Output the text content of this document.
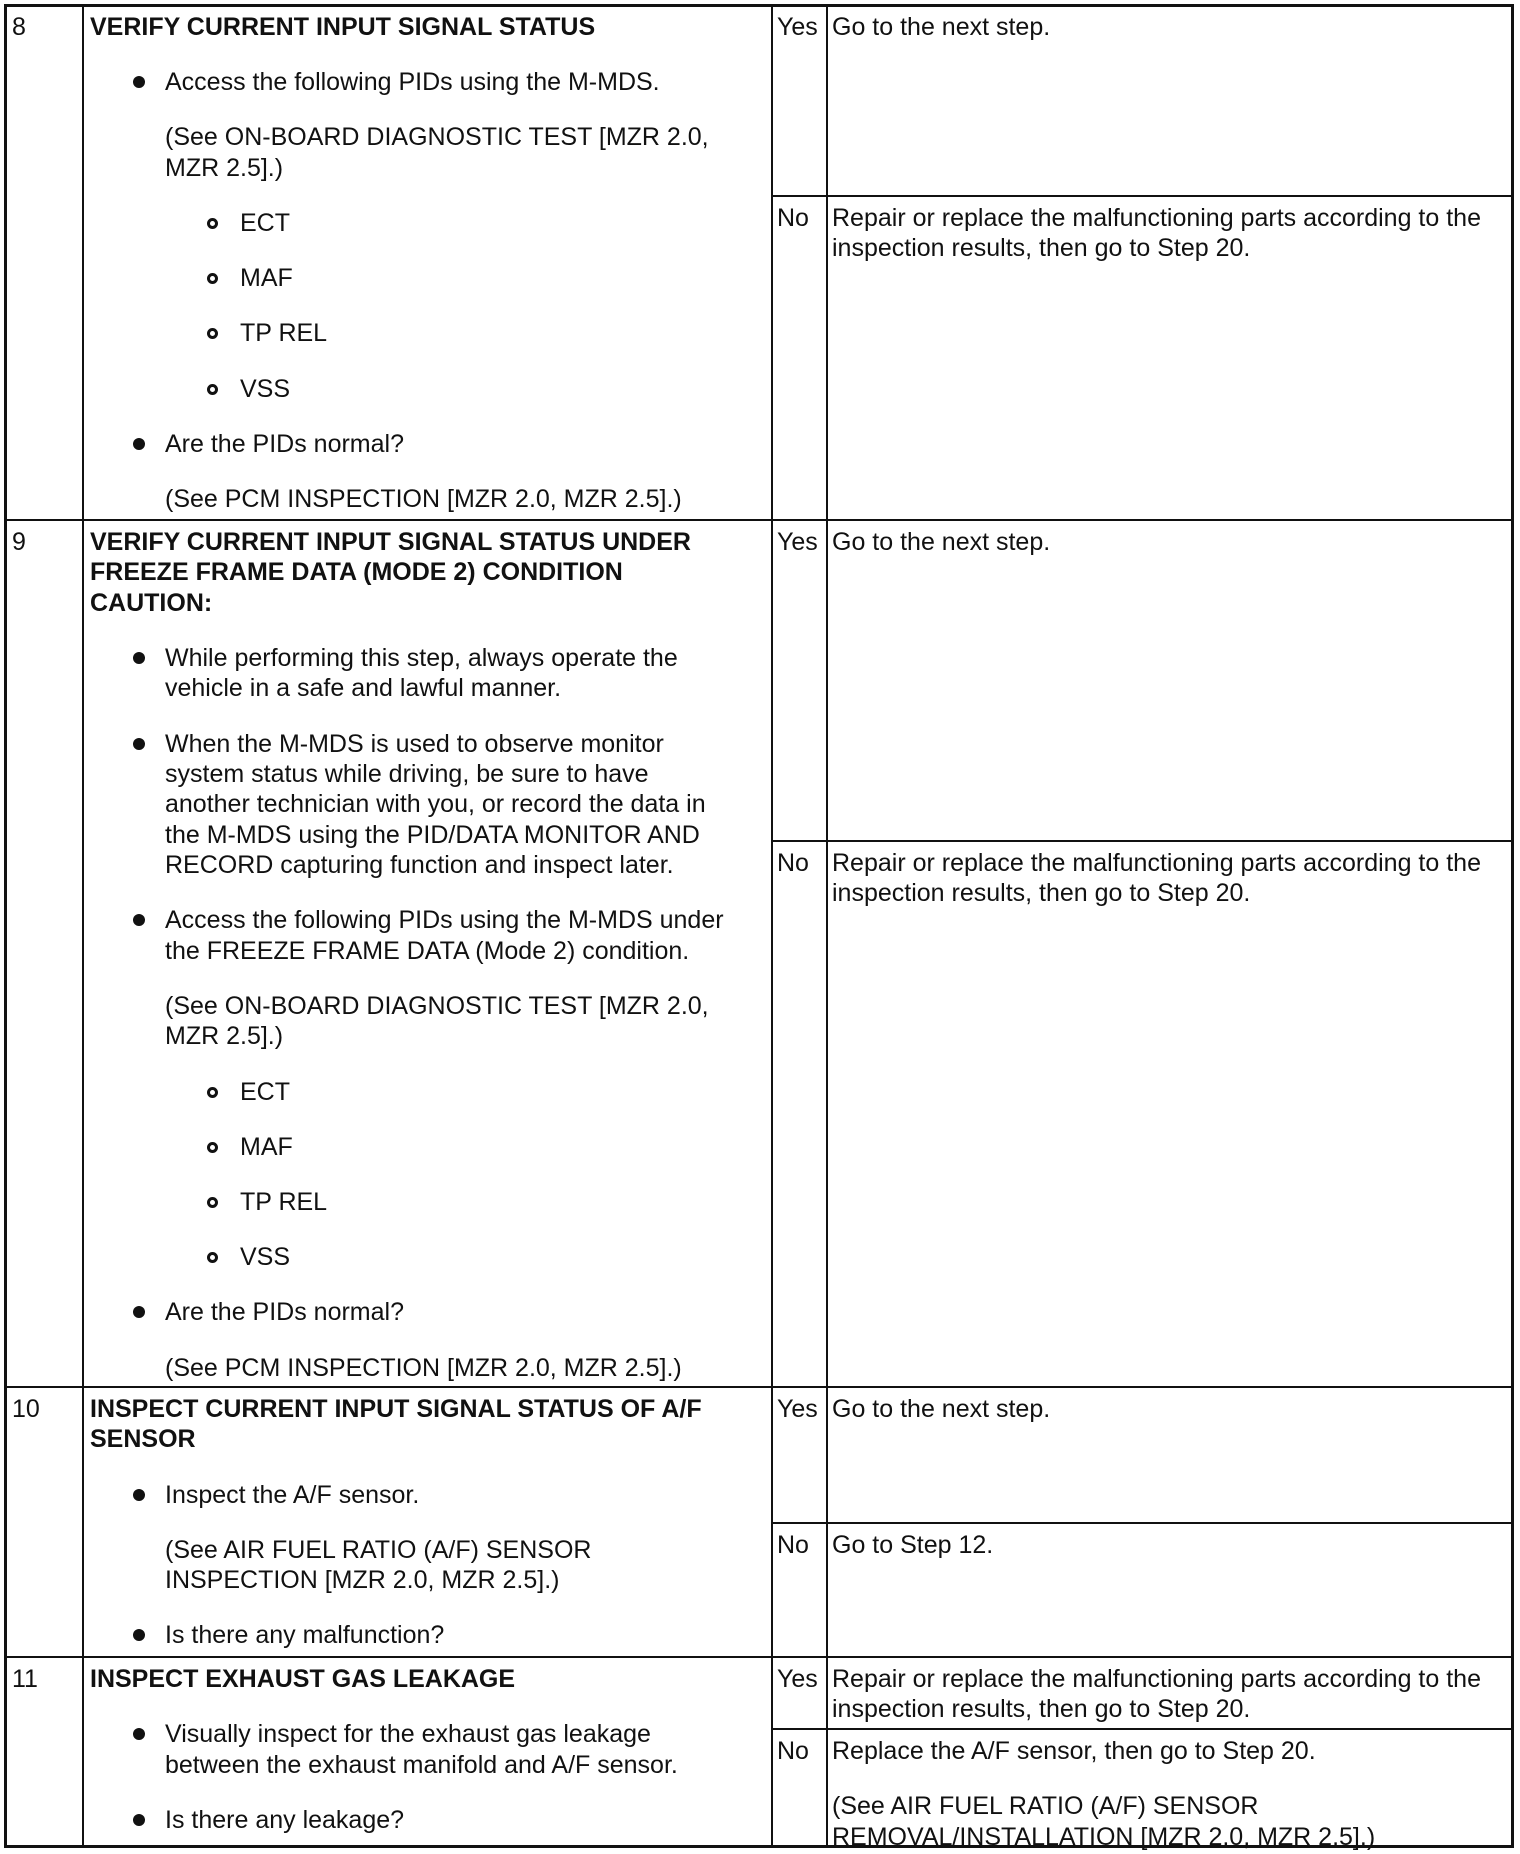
8	VERIFY CURRENT INPUT SIGNAL STATUS
Access the following PIDs using the M-MDS.
(See ON-BOARD DIAGNOSTIC TEST [MZR 2.0,
MZR 2.5].)
ECT
MAF
TP REL
VSS
Are the PIDs normal?
(See PCM INSPECTION [MZR 2.0, MZR 2.5].)
Yes Go to the next step.
No Repair or replace the malfunctioning parts according to the
inspection results, then go to Step 20.
9	VERIFY CURRENT INPUT SIGNAL STATUS UNDER
FREEZE FRAME DATA (MODE 2) CONDITION
CAUTION:
While performing this step, always operate the
vehicle in a safe and lawful manner.
When the M-MDS is used to observe monitor
system status while driving, be sure to have
another technician with you, or record the data in
the M-MDS using the PID/DATA MONITOR AND
RECORD capturing function and inspect later.
Access the following PIDs using the M-MDS under
the FREEZE FRAME DATA (Mode 2) condition.
(See ON-BOARD DIAGNOSTIC TEST [MZR 2.0,
MZR 2.5].)
ECT
MAF
TP REL
VSS
Are the PIDs normal?
(See PCM INSPECTION [MZR 2.0, MZR 2.5].)
Yes Go to the next step.
No Repair or replace the malfunctioning parts according to the
inspection results, then go to Step 20.
10 INSPECT CURRENT INPUT SIGNAL STATUS OF A/F
SENSOR
Inspect the A/F sensor.
(See AIR FUEL RATIO (A/F) SENSOR
INSPECTION [MZR 2.0, MZR 2.5].)
Is there any malfunction?
Yes Go to the next step.
No Go to Step 12.
11 INSPECT EXHAUST GAS LEAKAGE
Visually inspect for the exhaust gas leakage
between the exhaust manifold and A/F sensor.
Is there any leakage?
Yes Repair or replace the malfunctioning parts according to the
inspection results, then go to Step 20.
No Replace the A/F sensor, then go to Step 20.
(See AIR FUEL RATIO (A/F) SENSOR
REMOVAL/INSTALLATION [MZR 2.0, MZR 2.5].)
